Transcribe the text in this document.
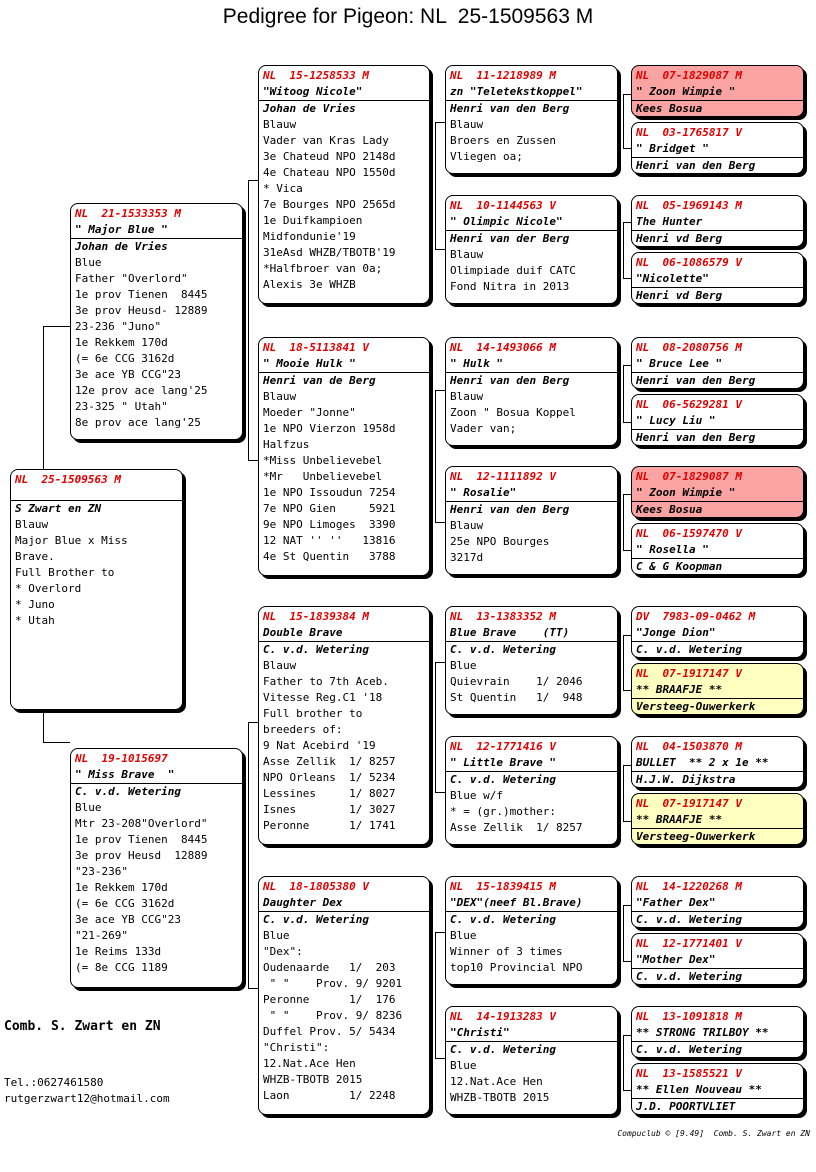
Pedigree for Pigeon: NL  25-1509563 M
NL  25-1509563 M
S Zwart en ZN
Blauw
Major Blue x Miss
Brave.
Full Brother to
* Overlord
* Juno
* Utah
NL  21-1533353 M
" Major Blue "
Johan de Vries
Blue
Father "Overlord"
1e prov Tienen  8445
3e prov Heusd- 12889
23-236 "Juno"
1e Rekkem 170d
(= 6e CCG 3162d
3e ace YB CCG"23
12e prov ace lang'25
23-325 " Utah"
8e prov ace lang'25
NL  19-1015697
" Miss Brave  "
C. v.d. Wetering
Blue
Mtr 23-208"Overlord"
1e prov Tienen  8445
3e prov Heusd  12889
"23-236"
1e Rekkem 170d
(= 6e CCG 3162d
3e ace YB CCG"23
"21-269"
1e Reims 133d
(= 8e CCG 1189
NL  15-1258533 M
"Witoog Nicole"
Johan de Vries
Blauw
Vader van Kras Lady
3e Chateud NPO 2148d
4e Chateau NPO 1550d
* Vica
7e Bourges NPO 2565d
1e Duifkampioen
Midfondunie'19
31eAsd WHZB/TBOTB'19
*Halfbroer van 0a;
Alexis 3e WHZB
NL  18-5113841 V
" Mooie Hulk "
Henri van de Berg
Blauw
Moeder "Jonne"
1e NPO Vierzon 1958d
Halfzus
*Miss Unbelievebel
*Mr   Unbelievebel
1e NPO Issoudun 7254
7e NPO Gien     5921
9e NPO Limoges  3390
12 NAT '' ''   13816
4e St Quentin   3788
NL  15-1839384 M
Double Brave
C. v.d. Wetering
Blauw
Father to 7th Aceb.
Vitesse Reg.C1 '18
Full brother to
breeders of:
9 Nat Acebird '19
Asse Zellik  1/ 8257
NPO Orleans  1/ 5234
Lessines     1/ 8027
Isnes        1/ 3027
Peronne      1/ 1741
NL  18-1805380 V
Daughter Dex
C. v.d. Wetering
Blue
"Dex":
Oudenaarde   1/  203
" "    Prov. 9/ 9201
Peronne      1/  176
" "    Prov. 9/ 8236
Duffel Prov. 5/ 5434
"Christi":
12.Nat.Ace Hen
WHZB-TBOTB 2015
Laon         1/ 2248
NL  11-1218989 M
zn "Teletekstkoppel"
Henri van den Berg
Blauw
Broers en Zussen
Vliegen oa;
NL  10-1144563 V
" Olimpic Nicole"
Henri van der Berg
Blauw
Olimpiade duif CATC
Fond Nitra in 2013
NL  14-1493066 M
" Hulk "
Henri van den Berg
Blauw
Zoon " Bosua Koppel
Vader van;
NL  12-1111892 V
" Rosalie"
Henri van den Berg
Blauw
25e NPO Bourges
3217d
NL  13-1383352 M
Blue Brave    (TT)
C. v.d. Wetering
Blue
Quievrain    1/ 2046
St Quentin   1/  948
NL  12-1771416 V
" Little Brave "
C. v.d. Wetering
Blue w/f
* = (gr.)mother:
Asse Zellik  1/ 8257
NL  15-1839415 M
"DEX"(neef Bl.Brave)
C. v.d. Wetering
Blue
Winner of 3 times
top10 Provincial NPO
NL  14-1913283 V
"Christi"
C. v.d. Wetering
Blue
12.Nat.Ace Hen
WHZB-TBOTB 2015
NL  07-1829087 M
" Zoon Wimpie "
Kees Bosua
NL  03-1765817 V
" Bridget "
Henri van den Berg
NL  05-1969143 M
The Hunter
Henri vd Berg
NL  06-1086579 V
"Nicolette"
Henri vd Berg
NL  08-2080756 M
" Bruce Lee "
Henri van den Berg
NL  06-5629281 V
" Lucy Liu "
Henri van den Berg
NL  07-1829087 M
" Zoon Wimpie "
Kees Bosua
NL  06-1597470 V
" Rosella "
C & G Koopman
DV  7983-09-0462 M
"Jonge Dion"
C. v.d. Wetering
NL  07-1917147 V
** BRAAFJE **
Versteeg-Ouwerkerk
NL  04-1503870 M
BULLET  ** 2 x 1e **
H.J.W. Dijkstra
NL  07-1917147 V
** BRAAFJE **
Versteeg-Ouwerkerk
NL  14-1220268 M
"Father Dex"
C. v.d. Wetering
NL  12-1771401 V
"Mother Dex"
C. v.d. Wetering
NL  13-1091818 M
** STRONG TRILBOY **
C. v.d. Wetering
NL  13-1585521 V
** Ellen Nouveau **
J.D. POORTVLIET
Comb. S. Zwart en ZN
Tel.:0627461580
rutgerzwart12@hotmail.com
Compuclub © [9.49]  Comb. S. Zwart en ZN
